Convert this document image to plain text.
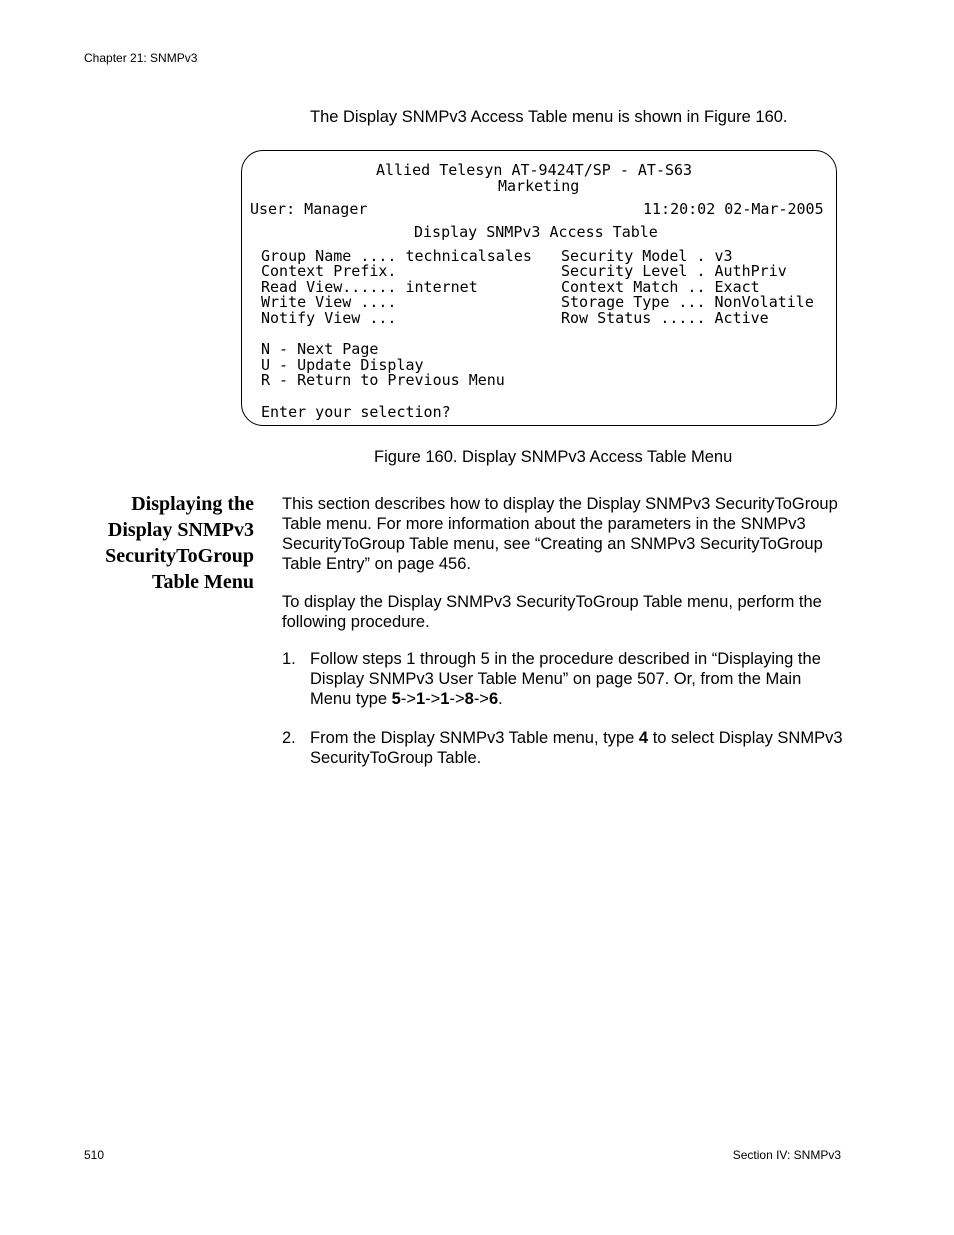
Chapter 21: SNMPv3
The Display SNMPv3 Access Table menu is shown in Figure 160.
Allied Telesyn AT-9424T/SP - AT-S63
Marketing
User: Manager	11:20:02 02-Mar-2005
Display SNMPv3 Access Table
Group Name .... technicalsales
Context Prefix.
Read View...... internet
Write View ....
Notify View ...
Security Model . v3
Security Level . AuthPriv
Context Match .. Exact
Storage Type ... NonVolatile
Row Status ..... Active
N - Next Page
U - Update Display
R - Return to Previous Menu
Enter your selection?
Figure 160. Display SNMPv3 Access Table Menu
Displaying the
Display SNMPv3
SecurityToGroup
Table Menu
This section describes how to display the Display SNMPv3 SecurityToGroup Table menu. For more information about the parameters in the SNMPv3 SecurityToGroup Table menu, see “Creating an SNMPv3 SecurityToGroup Table Entry” on page 456.
To display the Display SNMPv3 SecurityToGroup Table menu, perform the following procedure.
1. Follow steps 1 through 5 in the procedure described in “Displaying the Display SNMPv3 User Table Menu” on page 507. Or, from the Main Menu type 5->1->1->8->6.
2. From the Display SNMPv3 Table menu, type 4 to select Display SNMPv3 SecurityToGroup Table.
510	Section IV: SNMPv3
